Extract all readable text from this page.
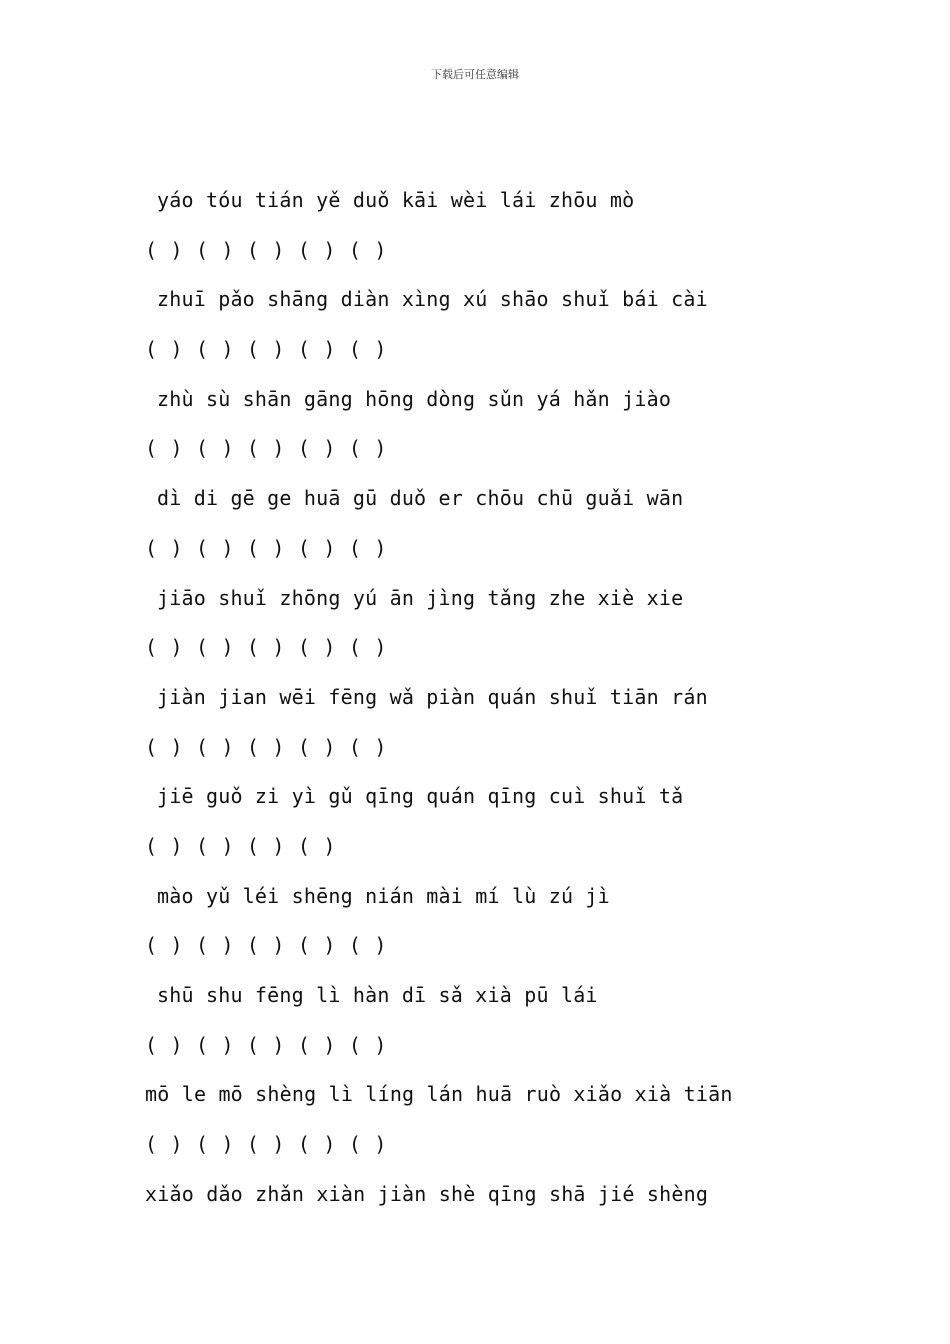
下载后可任意编辑
yáo tóu tián yě duǒ kāi wèi lái zhōu mò
( ) ( ) ( ) ( ) ( )
zhuī pǎo shāng diàn xìng xú shāo shuǐ bái cài
( ) ( ) ( ) ( ) ( )
zhù sù shān gāng hōng dòng sǔn yá hǎn jiào
( ) ( ) ( ) ( ) ( )
dì di gē ge huā gū duǒ er chōu chū guǎi wān
( ) ( ) ( ) ( ) ( )
jiāo shuǐ zhōng yú ān jìng tǎng zhe xiè xie
( ) ( ) ( ) ( ) ( )
jiàn jian wēi fēng wǎ piàn quán shuǐ tiān rán
( ) ( ) ( ) ( ) ( )
jiē guǒ zi yì gǔ qīng quán qīng cuì shuǐ tǎ
( ) ( ) ( ) ( )
mào yǔ léi shēng nián mài mí lù zú jì
( ) ( ) ( ) ( ) ( )
shū shu fēng lì hàn dī sǎ xià pū lái
( ) ( ) ( ) ( ) ( )
mō le mō shèng lì líng lán huā ruò xiǎo xià tiān
( ) ( ) ( ) ( ) ( )
xiǎo dǎo zhǎn xiàn jiàn shè qīng shā jié shèng
